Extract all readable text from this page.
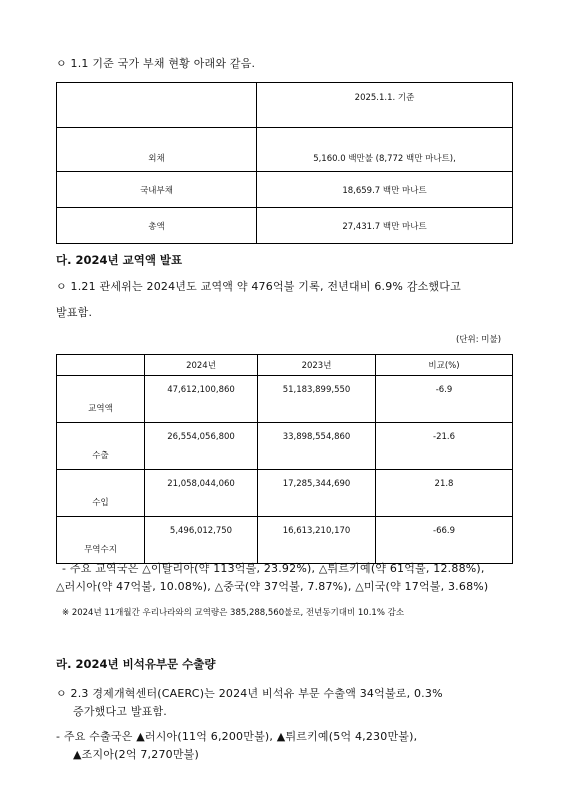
ㅇ 1.1 기준 국가 부채 현황 아래와 같음.
	2025.1.1. 기준
외채	5,160.0 백만불 (8,772 백만 마나트),
국내부채	18,659.7 백만 마나트
총액	27,431.7 백만 마나트
다. 2024년 교역액 발표
ㅇ 1.21 관세위는 2024년도 교역액 약 476억불 기록, 전년대비 6.9% 감소했다고
발표함.
(단위: 미불)
	2024년	2023년	비교(%)
교역액	47,612,100,860	51,183,899,550	-6.9
수출	26,554,056,800	33,898,554,860	-21.6
수입	21,058,044,060	17,285,344,690	21.8
무역수지	5,496,012,750	16,613,210,170	-66.9
- 주요 교역국은 △이탈리아(약 113억불, 23.92%), △튀르키예(약 61억불, 12.88%),
△러시아(약 47억불, 10.08%), △중국(약 37억불, 7.87%), △미국(약 17억불, 3.68%)
※ 2024년 11개월간 우리나라와의 교역량은 385,288,560불로, 전년동기대비 10.1% 감소
라. 2024년 비석유부문 수출량
ㅇ 2.3 경제개혁센터(CAERC)는 2024년 비석유 부문 수출액 34억불로, 0.3%
증가했다고 발표함.
- 주요 수출국은 ▲러시아(11억 6,200만불), ▲튀르키예(5억 4,230만불),
▲조지아(2억 7,270만불)
